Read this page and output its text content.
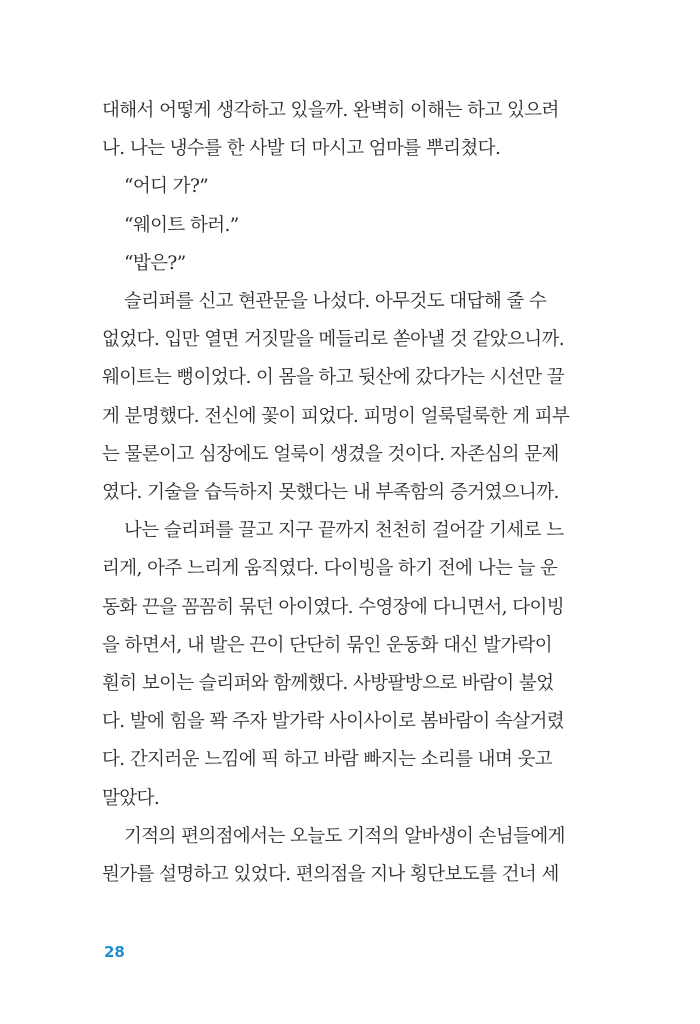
대해서 어떻게 생각하고 있을까. 완벽히 이해는 하고 있으려
나. 나는 냉수를 한 사발 더 마시고 엄마를 뿌리쳤다.

“어디 가?”

“웨이트 하러.”

“밥은?”

슬리퍼를 신고 현관문을 나섰다. 아무것도 대답해 줄 수
없었다. 입만 열면 거짓말을 메들리로 쏟아낼 것 같았으니까.
웨이트는 뻥이었다. 이 몸을 하고 뒷산에 갔다가는 시선만 끌
게 분명했다. 전신에 꽃이 피었다. 피멍이 얼룩덜룩한 게 피부
는 물론이고 심장에도 얼룩이 생겼을 것이다. 자존심의 문제
였다. 기술을 습득하지 못했다는 내 부족함의 증거였으니까.

나는 슬리퍼를 끌고 지구 끝까지 천천히 걸어갈 기세로 느
리게, 아주 느리게 움직였다. 다이빙을 하기 전에 나는 늘 운
동화 끈을 꼼꼼히 묶던 아이였다. 수영장에 다니면서, 다이빙
을 하면서, 내 발은 끈이 단단히 묶인 운동화 대신 발가락이
훤히 보이는 슬리퍼와 함께했다. 사방팔방으로 바람이 불었
다. 발에 힘을 꽉 주자 발가락 사이사이로 봄바람이 속살거렸
다. 간지러운 느낌에 픽 하고 바람 빠지는 소리를 내며 웃고
말았다.

기적의 편의점에서는 오늘도 기적의 알바생이 손님들에게
뭔가를 설명하고 있었다. 편의점을 지나 횡단보도를 건너 세

28
